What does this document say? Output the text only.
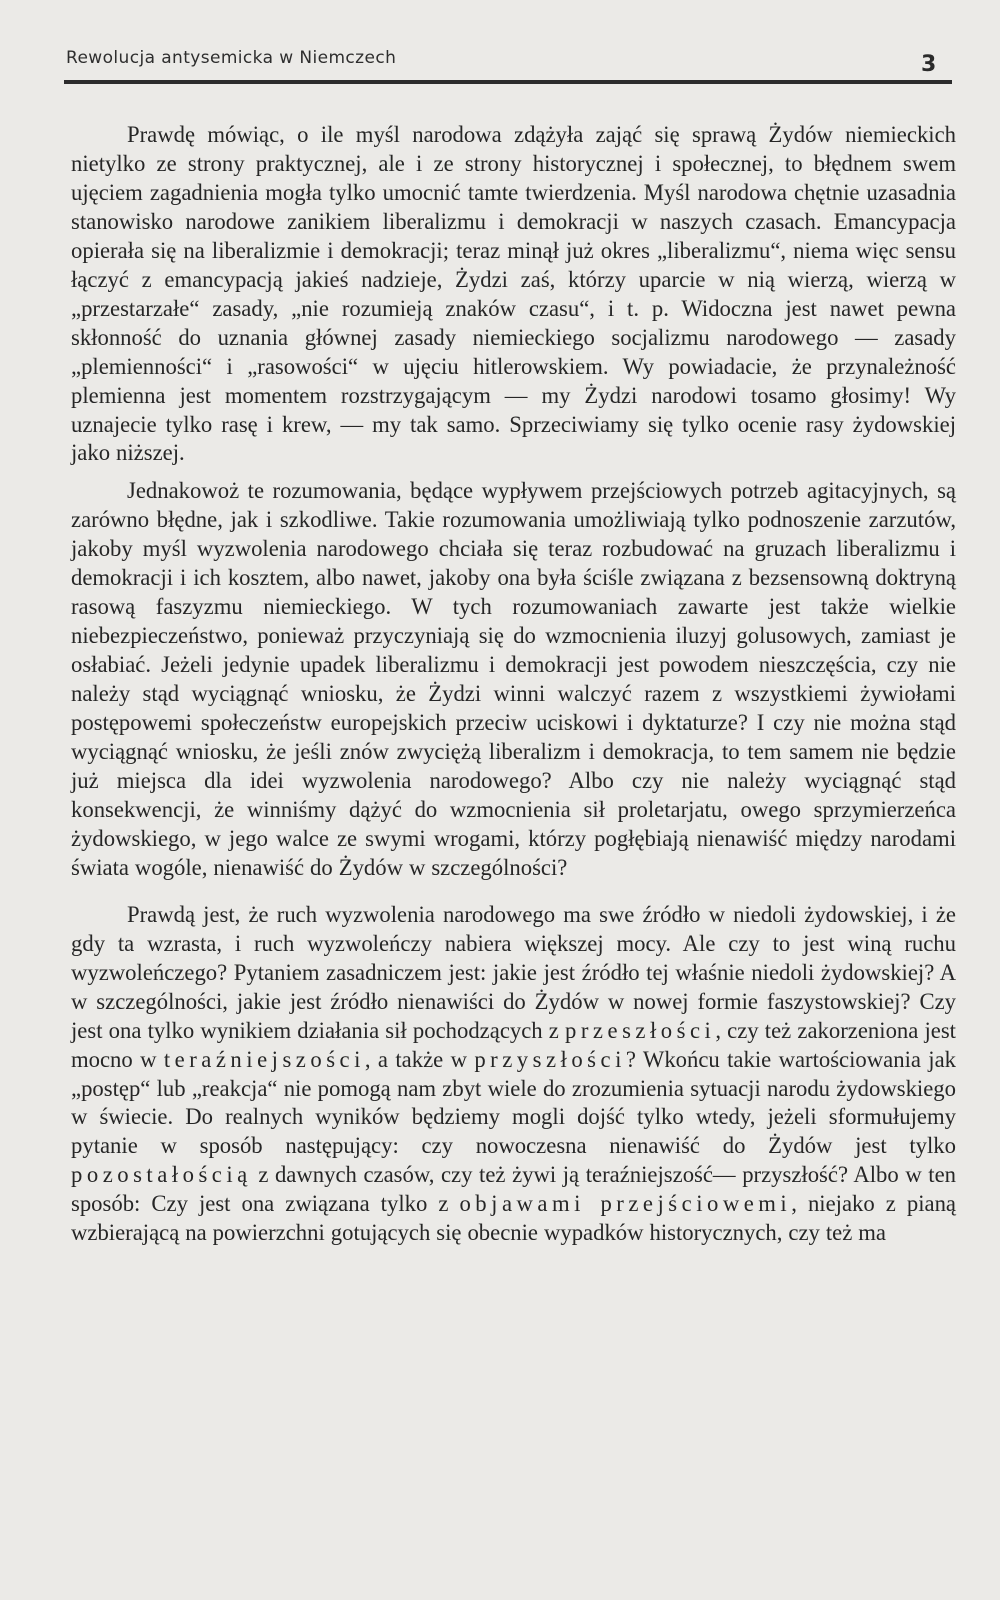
Rewolucja antysemicka w Niemczech	3

Prawdę mówiąc, o ile myśl narodowa zdążyła zająć się sprawą Żydów niemieckich nietylko ze strony praktycznej, ale i ze strony historycznej i społecznej, to błędnem swem ujęciem zagadnienia mogła tylko umocnić tamte twierdzenia. Myśl narodowa chętnie uzasadnia stanowisko narodowe zanikiem liberalizmu i demokracji w naszych czasach. Emancypacja opierała się na liberalizmie i demokracji; teraz minął już okres „liberalizmu“, niema więc sensu łączyć z emancypacją jakieś nadzieje, Żydzi zaś, którzy uparcie w nią wierzą, wierzą w „przestarzałe“ zasady, „nie rozumieją znaków czasu“, i t. p. Widoczna jest nawet pewna skłonność do uznania głównej zasady niemieckiego socjalizmu narodowego — zasady „plemienności“ i „rasowości“ w ujęciu hitlerowskiem. Wy powiadacie, że przynależność plemienna jest momentem rozstrzygającym — my Żydzi narodowi tosamo głosimy! Wy uznajecie tylko rasę i krew, — my tak samo. Sprzeciwiamy się tylko ocenie rasy żydowskiej jako niższej.

Jednakowoż te rozumowania, będące wypływem przejściowych potrzeb agitacyjnych, są zarówno błędne, jak i szkodliwe. Takie rozumowania umożliwiają tylko podnoszenie zarzutów, jakoby myśl wyzwolenia narodowego chciała się teraz rozbudować na gruzach liberalizmu i demokracji i ich kosztem, albo nawet, jakoby ona była ściśle związana z bezsensowną doktryną rasową faszyzmu niemieckiego. W tych rozumowaniach zawarte jest także wielkie niebezpieczeństwo, ponieważ przyczyniają się do wzmocnienia iluzyj golusowych, zamiast je osłabiać. Jeżeli jedynie upadek liberalizmu i demokracji jest powodem nieszczęścia, czy nie należy stąd wyciągnąć wniosku, że Żydzi winni walczyć razem z wszystkiemi żywiołami postępowemi społeczeństw europejskich przeciw uciskowi i dyktaturze? I czy nie można stąd wyciągnąć wniosku, że jeśli znów zwyciężą liberalizm i demokracja, to tem samem nie będzie już miejsca dla idei wyzwolenia narodowego? Albo czy nie należy wyciągnąć stąd konsekwencji, że winniśmy dążyć do wzmocnienia sił proletarjatu, owego sprzymierzeńca żydowskiego, w jego walce ze swymi wrogami, którzy pogłębiają nienawiść między narodami świata wogóle, nienawiść do Żydów w szczególności?

Prawdą jest, że ruch wyzwolenia narodowego ma swe źródło w niedoli żydowskiej, i że gdy ta wzrasta, i ruch wyzwoleńczy nabiera większej mocy. Ale czy to jest winą ruchu wyzwoleńczego? Pytaniem zasadniczem jest: jakie jest źródło tej właśnie niedoli żydowskiej? A w szczególności, jakie jest źródło nienawiści do Żydów w nowej formie faszystowskiej? Czy jest ona tylko wynikiem działania sił pochodzących z przeszłości, czy też zakorzeniona jest mocno w teraźniejszości, a także w przyszłości? Wkońcu takie wartościowania jak „postęp“ lub „reakcja“ nie pomogą nam zbyt wiele do zrozumienia sytuacji narodu żydowskiego w świecie. Do realnych wyników będziemy mogli dojść tylko wtedy, jeżeli sformułujemy pytanie w sposób następujący: czy nowoczesna nienawiść do Żydów jest tylko pozostałością z dawnych czasów, czy też żywi ją teraźniejszość— przyszłość? Albo w ten sposób: Czy jest ona związana tylko z objawami przejściowemi, niejako z pianą wzbierającą na powierzchni gotujących się obecnie wypadków historycznych, czy też ma
